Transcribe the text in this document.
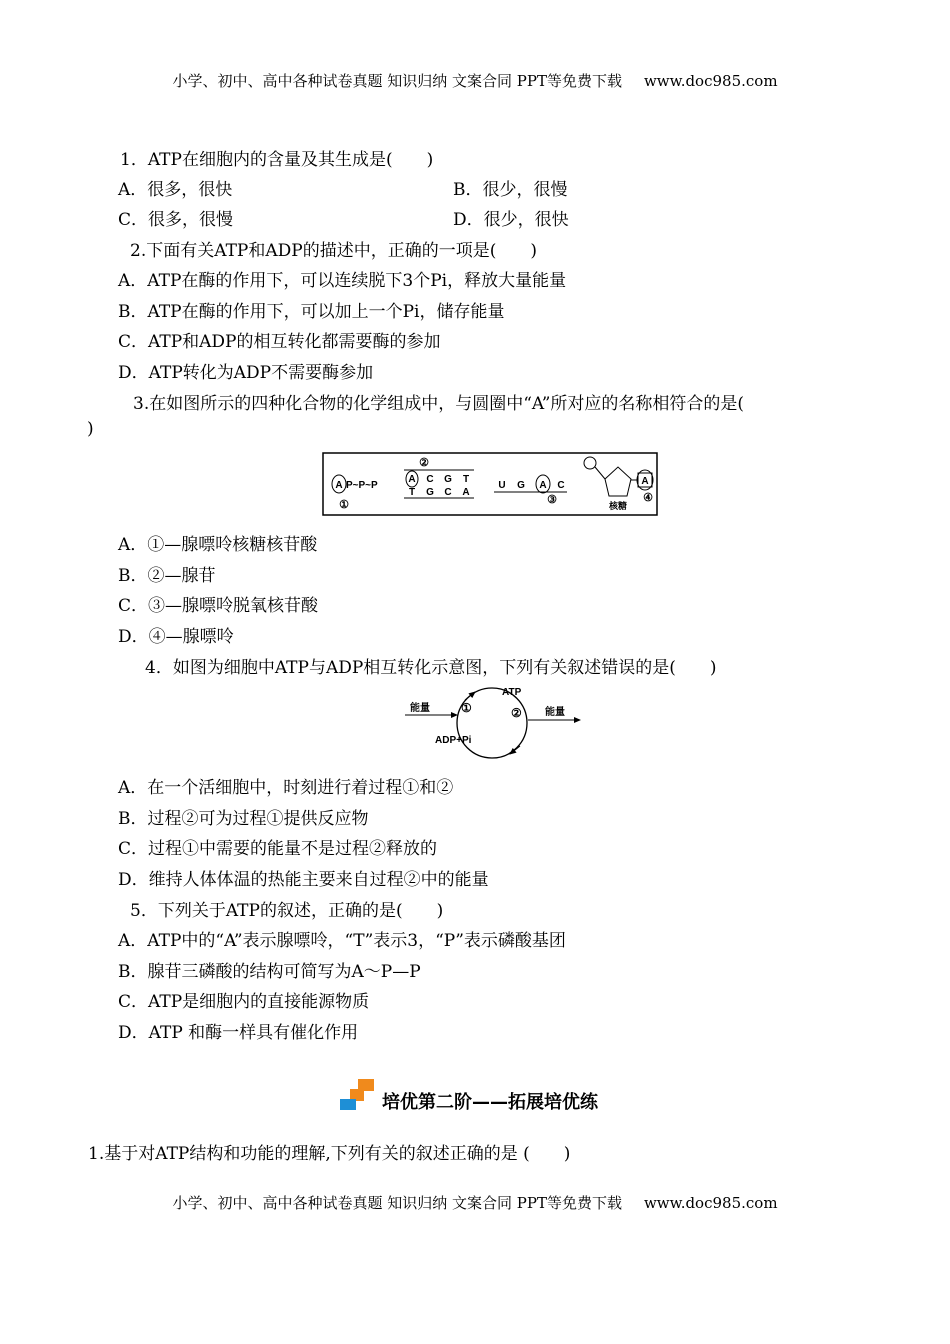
小学、初中、高中各种试卷真题 知识归纳 文案合同 PPT等免费下载 www.doc985.com
1．ATP在细胞内的含量及其生成是(　　)
A．很多，很快	B．很少，很慢
C．很多，很慢	D．很少，很快
2.下面有关ATP和ADP的描述中，正确的一项是(　　)
A．ATP在酶的作用下，可以连续脱下3个Pi，释放大量能量
B．ATP在酶的作用下，可以加上一个Pi，储存能量
C．ATP和ADP的相互转化都需要酶的参加
D．ATP转化为ADP不需要酶参加
3.在如图所示的四种化合物的化学组成中，与圆圈中“A”所对应的名称相符合的是(
)
A P~P~P
①
②
A C G T
T G C A
U G A C
③
A
核糖
④
A．①—腺嘌呤核糖核苷酸
B．②—腺苷
C．③—腺嘌呤脱氧核苷酸
D．④—腺嘌呤
4．如图为细胞中ATP与ADP相互转化示意图，下列有关叙述错误的是(　　)
能量	能量
ATP
ADP+Pi
①	②
A．在一个活细胞中，时刻进行着过程①和②
B．过程②可为过程①提供反应物
C．过程①中需要的能量不是过程②释放的
D．维持人体体温的热能主要来自过程②中的能量
5．下列关于ATP的叙述，正确的是(　　)
A．ATP中的“A”表示腺嘌呤，“T”表示3，“P”表示磷酸基团
B．腺苷三磷酸的结构可简写为A～P—P
C．ATP是细胞内的直接能源物质
D．ATP 和酶一样具有催化作用
培优第二阶——拓展培优练
1.基于对ATP结构和功能的理解,下列有关的叙述正确的是 (　　)
小学、初中、高中各种试卷真题 知识归纳 文案合同 PPT等免费下载 www.doc985.com
